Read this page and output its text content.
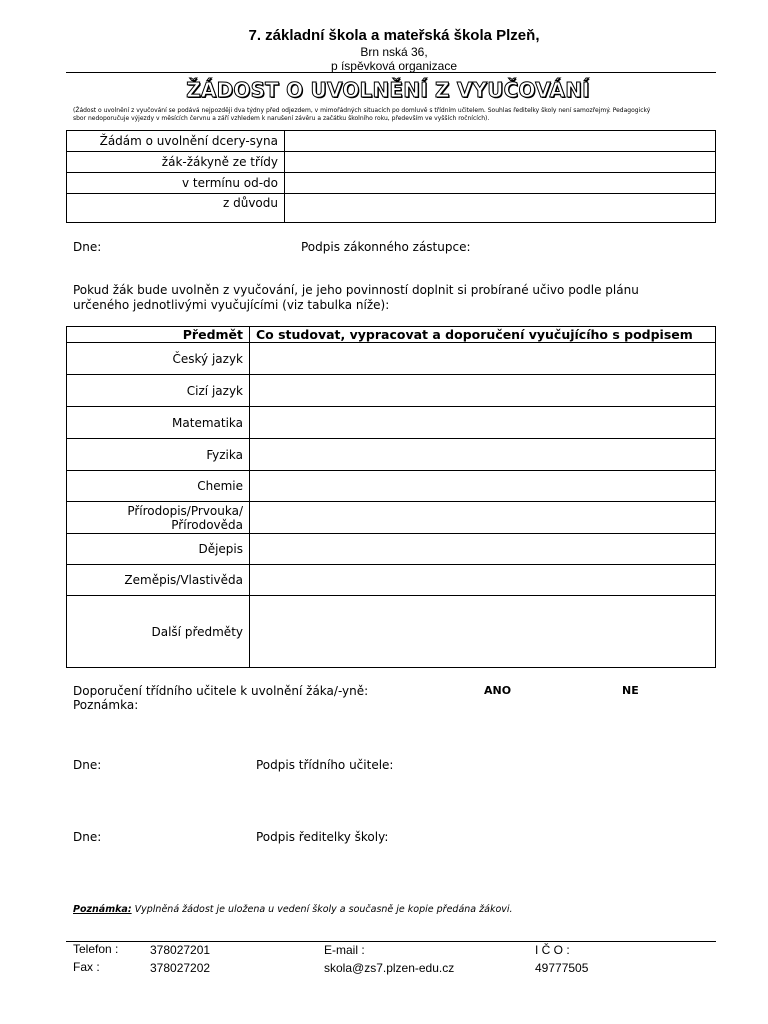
7. základní škola a mateřská škola Plzeň,
Brn nská 36,
p íspěvková organizace
ŽÁDOST O UVOLNĚNÍ Z VYUČOVÁNÍ
(Žádost o uvolnění z vyučování se podává nejpozději dva týdny před odjezdem, v mimořádných situacích po domluvě s třídním učitelem. Souhlas ředitelky školy není samozřejmý. Pedagogický
sbor nedoporučuje výjezdy v měsících červnu a září vzhledem k narušení závěru a začátku školního roku, především ve vyšších ročnících).
Žádám o uvolnění dcery-syna	
žák-žákyně ze třídy	
v termínu od-do	
z důvodu	
Dne:	Podpis zákonného zástupce:
Pokud žák bude uvolněn z vyučování, je jeho povinností doplnit si probírané učivo podle plánu
určeného jednotlivými vyučujícími (viz tabulka níže):
Předmět	Co studovat, vypracovat a doporučení vyučujícího s podpisem

Český jazyk	

Cizí jazyk	

Matematika	

Fyzika	

Chemie	

Přírodopis/Prvouka/
Přírodověda	

Dějepis	

Zeměpis/Vlastivěda	

Další předměty	

Doporučení třídního učitele k uvolnění žáka/-yně:	ANO	NE
Poznámka:
Dne:	Podpis třídního učitele:
Dne:	Podpis ředitelky školy:
Poznámka: Vyplněná žádost je uložena u vedení školy a současně je kopie předána žákovi.
Telefon :	378027201	E-mail :	I Č O :
Fax :	378027202	skola@zs7.plzen-edu.cz	49777505
